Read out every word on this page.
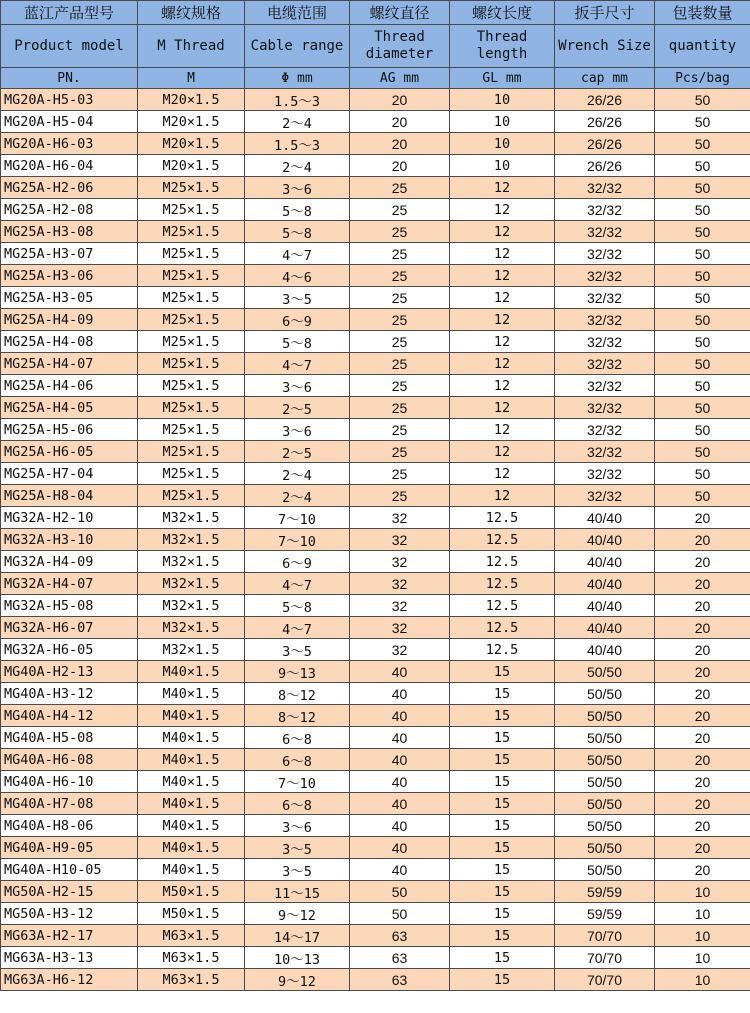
蓝江产品型号	螺纹规格	电缆范围	螺纹直径	螺纹长度	扳手尺寸	包装数量
Product model	M Thread	Cable range	Thread diameter	Thread length	Wrench Size	quantity
PN.	M	Φ mm	AG mm	GL mm	cap mm	Pcs/bag
MG20A-H5-03	M20×1.5	1.5～3	20	10	26/26	50
MG20A-H5-04	M20×1.5	2～4	20	10	26/26	50
MG20A-H6-03	M20×1.5	1.5～3	20	10	26/26	50
MG20A-H6-04	M20×1.5	2～4	20	10	26/26	50
MG25A-H2-06	M25×1.5	3～6	25	12	32/32	50
MG25A-H2-08	M25×1.5	5～8	25	12	32/32	50
MG25A-H3-08	M25×1.5	5～8	25	12	32/32	50
MG25A-H3-07	M25×1.5	4～7	25	12	32/32	50
MG25A-H3-06	M25×1.5	4～6	25	12	32/32	50
MG25A-H3-05	M25×1.5	3～5	25	12	32/32	50
MG25A-H4-09	M25×1.5	6～9	25	12	32/32	50
MG25A-H4-08	M25×1.5	5～8	25	12	32/32	50
MG25A-H4-07	M25×1.5	4～7	25	12	32/32	50
MG25A-H4-06	M25×1.5	3～6	25	12	32/32	50
MG25A-H4-05	M25×1.5	2～5	25	12	32/32	50
MG25A-H5-06	M25×1.5	3～6	25	12	32/32	50
MG25A-H6-05	M25×1.5	2～5	25	12	32/32	50
MG25A-H7-04	M25×1.5	2～4	25	12	32/32	50
MG25A-H8-04	M25×1.5	2～4	25	12	32/32	50
MG32A-H2-10	M32×1.5	7～10	32	12.5	40/40	20
MG32A-H3-10	M32×1.5	7～10	32	12.5	40/40	20
MG32A-H4-09	M32×1.5	6～9	32	12.5	40/40	20
MG32A-H4-07	M32×1.5	4～7	32	12.5	40/40	20
MG32A-H5-08	M32×1.5	5～8	32	12.5	40/40	20
MG32A-H6-07	M32×1.5	4～7	32	12.5	40/40	20
MG32A-H6-05	M32×1.5	3～5	32	12.5	40/40	20
MG40A-H2-13	M40×1.5	9～13	40	15	50/50	20
MG40A-H3-12	M40×1.5	8～12	40	15	50/50	20
MG40A-H4-12	M40×1.5	8～12	40	15	50/50	20
MG40A-H5-08	M40×1.5	6～8	40	15	50/50	20
MG40A-H6-08	M40×1.5	6～8	40	15	50/50	20
MG40A-H6-10	M40×1.5	7～10	40	15	50/50	20
MG40A-H7-08	M40×1.5	6～8	40	15	50/50	20
MG40A-H8-06	M40×1.5	3～6	40	15	50/50	20
MG40A-H9-05	M40×1.5	3～5	40	15	50/50	20
MG40A-H10-05	M40×1.5	3～5	40	15	50/50	20
MG50A-H2-15	M50×1.5	11～15	50	15	59/59	10
MG50A-H3-12	M50×1.5	9～12	50	15	59/59	10
MG63A-H2-17	M63×1.5	14～17	63	15	70/70	10
MG63A-H3-13	M63×1.5	10～13	63	15	70/70	10
MG63A-H6-12	M63×1.5	9～12	63	15	70/70	10
